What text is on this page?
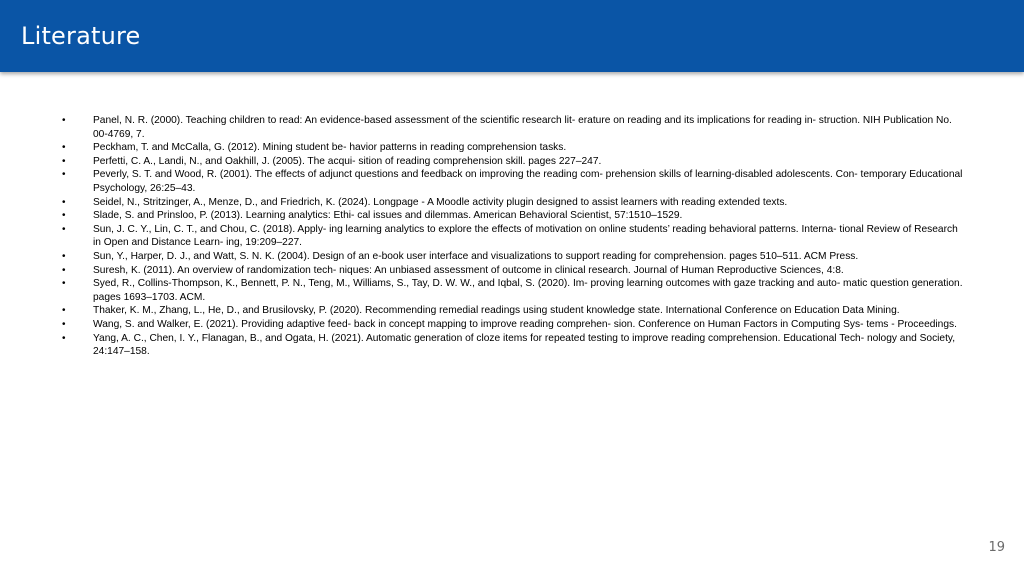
Literature
•	Panel, N. R. (2000). Teaching children to read: An evidence-based assessment of the scientific research lit- erature on reading and its implications for reading in- struction. NIH Publication No. 00-4769, 7.
•	Peckham, T. and McCalla, G. (2012). Mining student be- havior patterns in reading comprehension tasks.
•	Perfetti, C. A., Landi, N., and Oakhill, J. (2005). The acqui- sition of reading comprehension skill. pages 227–247.
•	Peverly, S. T. and Wood, R. (2001). The effects of adjunct questions and feedback on improving the reading com- prehension skills of learning-disabled adolescents. Con- temporary Educational Psychology, 26:25–43.
•	Seidel, N., Stritzinger, A., Menze, D., and Friedrich, K. (2024). Longpage - A Moodle activity plugin designed to assist learners with reading extended texts.
•	Slade, S. and Prinsloo, P. (2013). Learning analytics: Ethi- cal issues and dilemmas. American Behavioral Scientist, 57:1510–1529.
•	Sun, J. C. Y., Lin, C. T., and Chou, C. (2018). Apply- ing learning analytics to explore the effects of motivation on online students’ reading behavioral patterns. Interna- tional Review of Research in Open and Distance Learn- ing, 19:209–227.
•	Sun, Y., Harper, D. J., and Watt, S. N. K. (2004). Design of an e-book user interface and visualizations to support reading for comprehension. pages 510–511. ACM Press.
•	Suresh, K. (2011). An overview of randomization tech- niques: An unbiased assessment of outcome in clinical research. Journal of Human Reproductive Sciences, 4:8.
•	Syed, R., Collins-Thompson, K., Bennett, P. N., Teng, M., Williams, S., Tay, D. W. W., and Iqbal, S. (2020). Im- proving learning outcomes with gaze tracking and auto- matic question generation. pages 1693–1703. ACM.
•	Thaker, K. M., Zhang, L., He, D., and Brusilovsky, P. (2020). Recommending remedial readings using student knowledge state. International Conference on Education Data Mining.
•	Wang, S. and Walker, E. (2021). Providing adaptive feed- back in concept mapping to improve reading comprehen- sion. Conference on Human Factors in Computing Sys- tems - Proceedings.
•	Yang, A. C., Chen, I. Y., Flanagan, B., and Ogata, H. (2021). Automatic generation of cloze items for repeated testing to improve reading comprehension. Educational Tech- nology and Society, 24:147–158.
19
